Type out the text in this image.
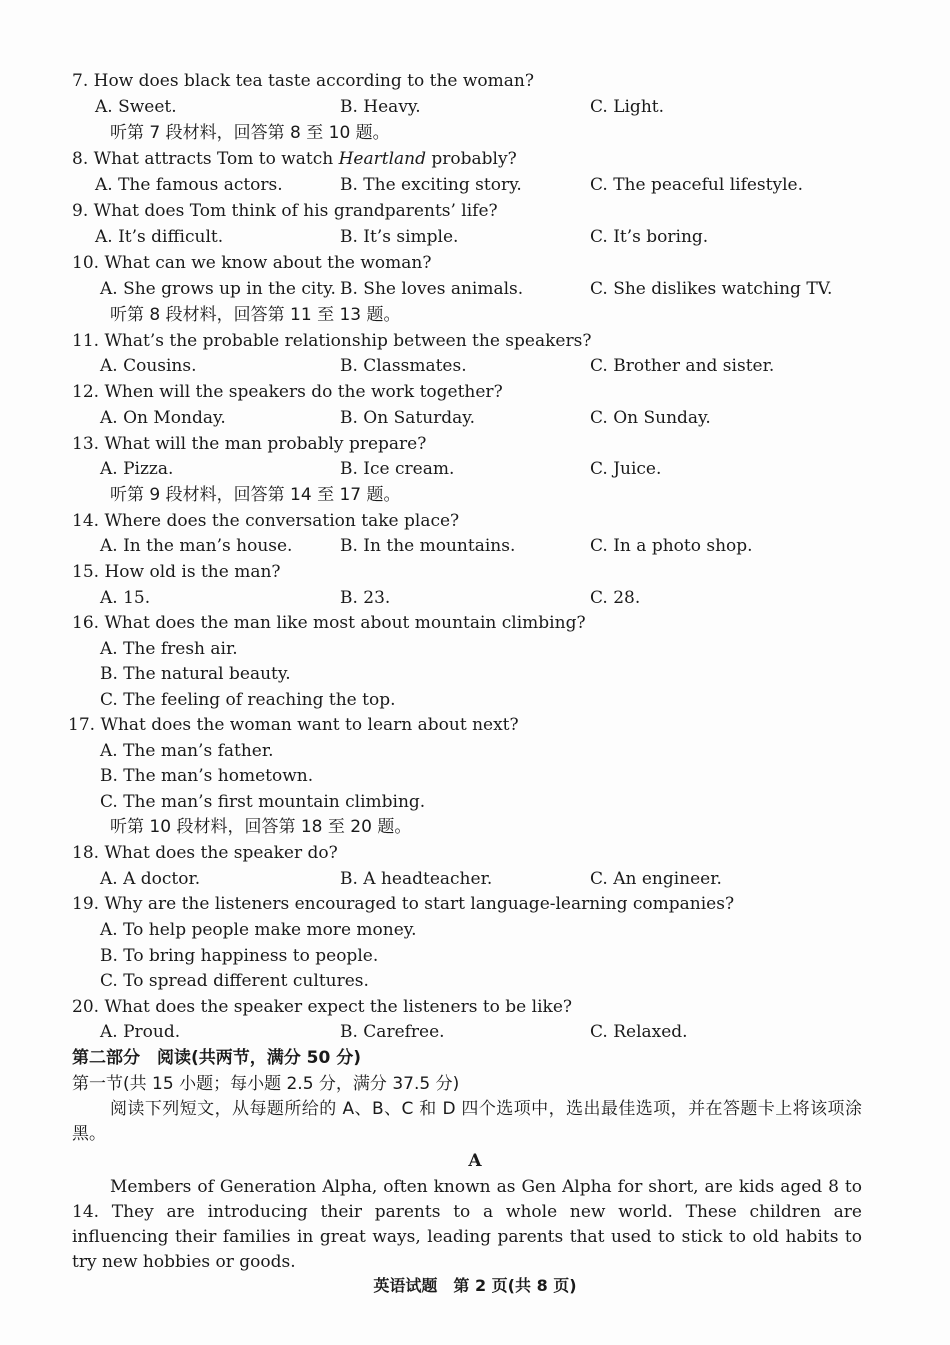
7. How does black tea taste according to the woman?
A. Sweet.	B. Heavy.	C. Light.
听第 7 段材料，回答第 8 至 10 题。
8. What attracts Tom to watch Heartland probably?
A. The famous actors.	B. The exciting story.	C. The peaceful lifestyle.
9. What does Tom think of his grandparents’ life?
A. It’s difficult.	B. It’s simple.	C. It’s boring.
10. What can we know about the woman?
A. She grows up in the city. B. She loves animals.	C. She dislikes watching TV.
听第 8 段材料，回答第 11 至 13 题。
11. What’s the probable relationship between the speakers?
A. Cousins.	B. Classmates.	C. Brother and sister.
12. When will the speakers do the work together?
A. On Monday.	B. On Saturday.	C. On Sunday.
13. What will the man probably prepare?
A. Pizza.	B. Ice cream.	C. Juice.
听第 9 段材料，回答第 14 至 17 题。
14. Where does the conversation take place?
A. In the man’s house.	B. In the mountains.	C. In a photo shop.
15. How old is the man?
A. 15.	B. 23.	C. 28.
16. What does the man like most about mountain climbing?
A. The fresh air.
B. The natural beauty.
C. The feeling of reaching the top.
17. What does the woman want to learn about next?
A. The man’s father.
B. The man’s hometown.
C. The man’s first mountain climbing.
听第 10 段材料，回答第 18 至 20 题。
18. What does the speaker do?
A. A doctor.	B. A headteacher.	C. An engineer.
19. Why are the listeners encouraged to start language-learning companies?
A. To help people make more money.
B. To bring happiness to people.
C. To spread different cultures.
20. What does the speaker expect the listeners to be like?
A. Proud.	B. Carefree.	C. Relaxed.
第二部分　阅读(共两节，满分 50 分)
第一节(共 15 小题；每小题 2.5 分，满分 37.5 分)
阅读下列短文，从每题所给的 A、B、C 和 D 四个选项中，选出最佳选项，并在答题卡上将该项涂黑。
A
Members of Generation Alpha, often known as Gen Alpha for short, are kids aged 8 to 14. They are introducing their parents to a whole new world. These children are influencing their families in great ways, leading parents that used to stick to old habits to try new hobbies or goods.
英语试题　第 2 页(共 8 页)
